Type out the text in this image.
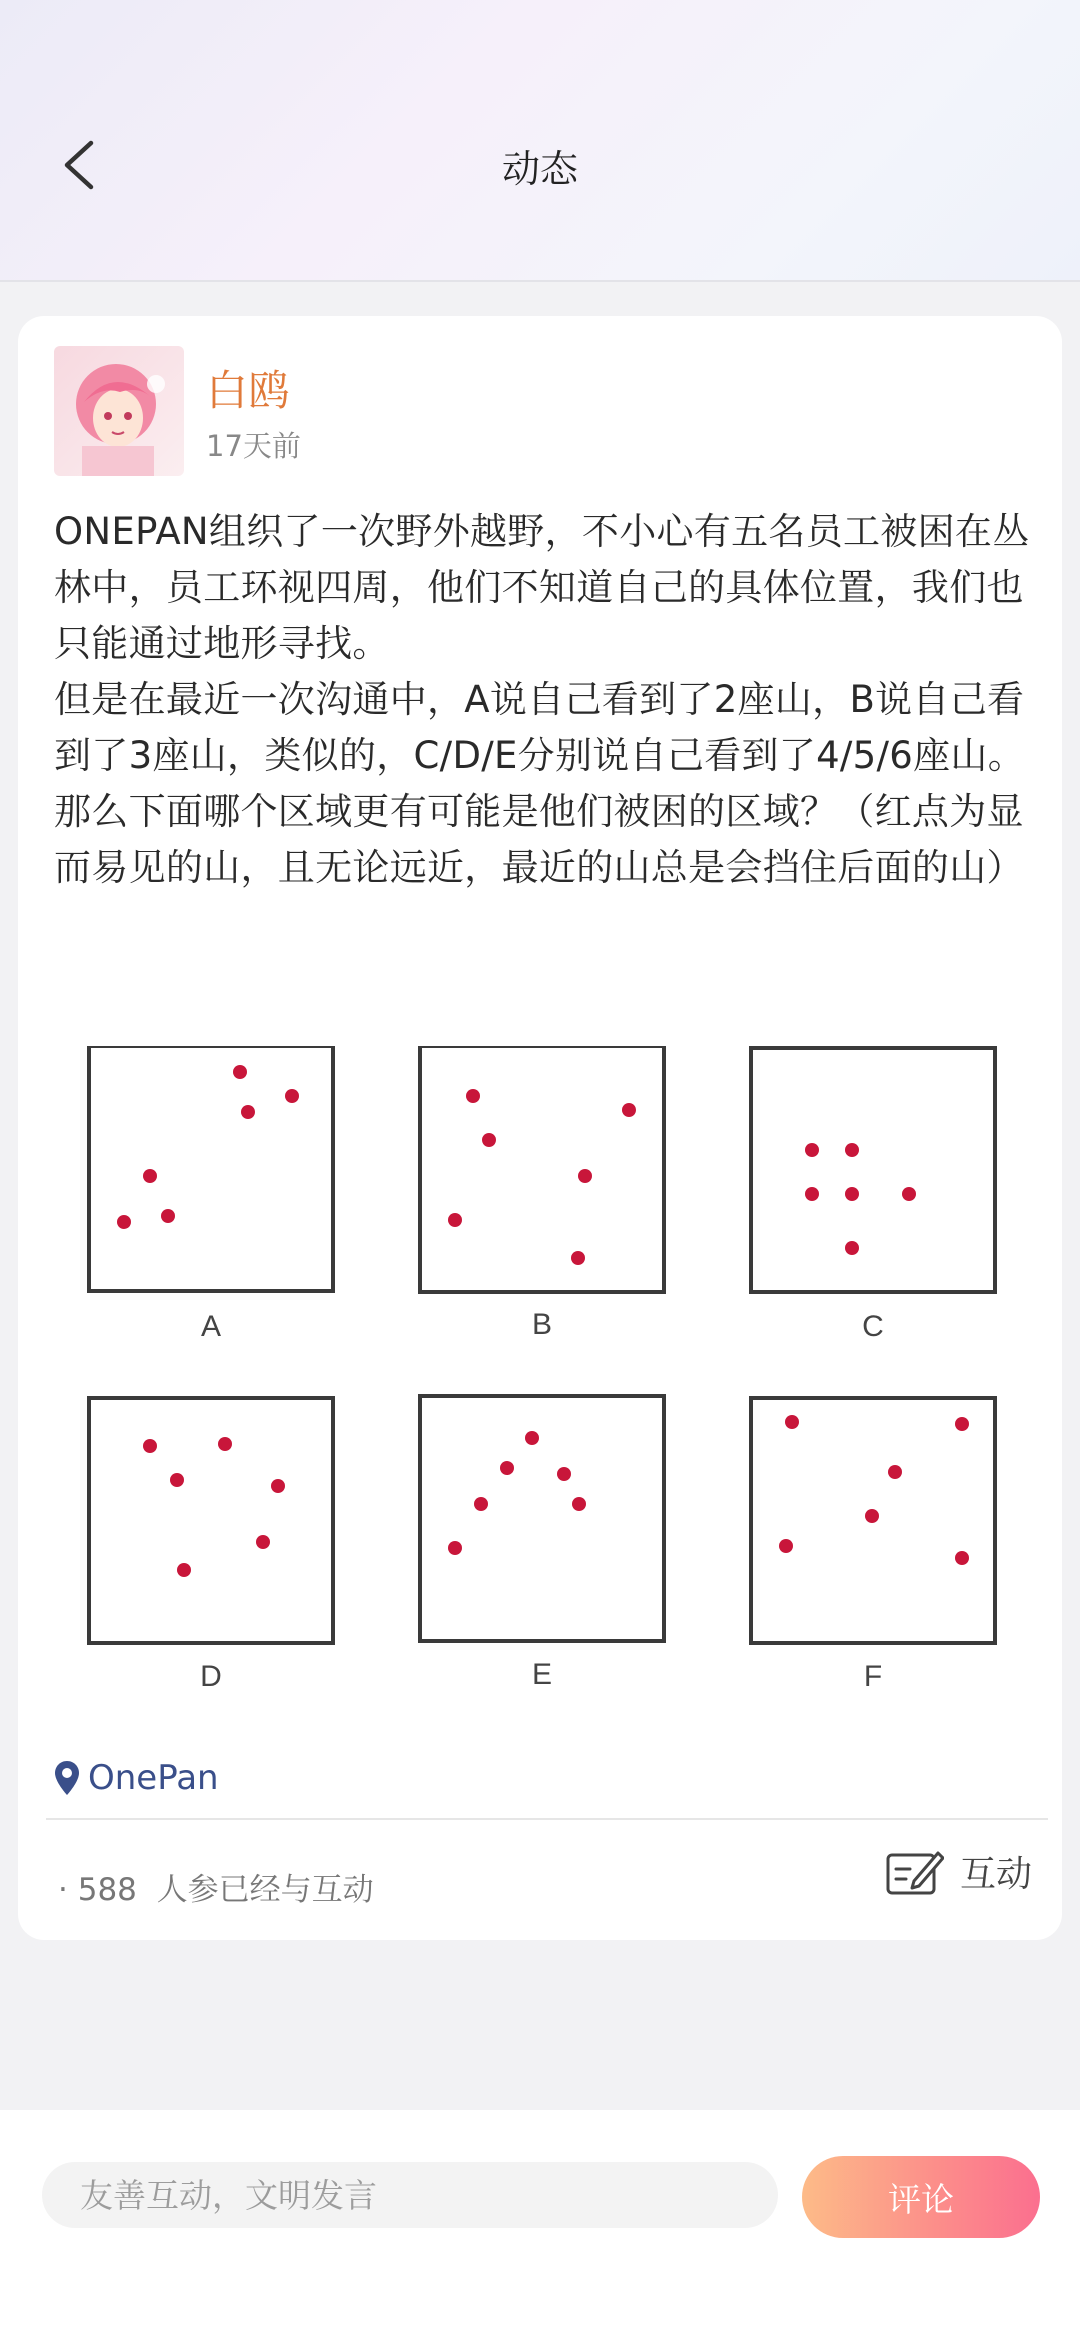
动态
白鸥
17天前

ONEPAN组织了一次野外越野，不小心有五名员工被困在丛林中，员工环视四周，他们不知道自己的具体位置，我们也只能通过地形寻找。

但是在最近一次沟通中，A说自己看到了2座山，B说自己看到了3座山，类似的，C/D/E分别说自己看到了4/5/6座山。

那么下面哪个区域更有可能是他们被困的区域？（红点为显而易见的山，且无论远近，最近的山总是会挡住后面的山）

A	B	C
D	E	F
OnePan
· 588 人参已经与互动	互动
友善互动，文明发言
评论
